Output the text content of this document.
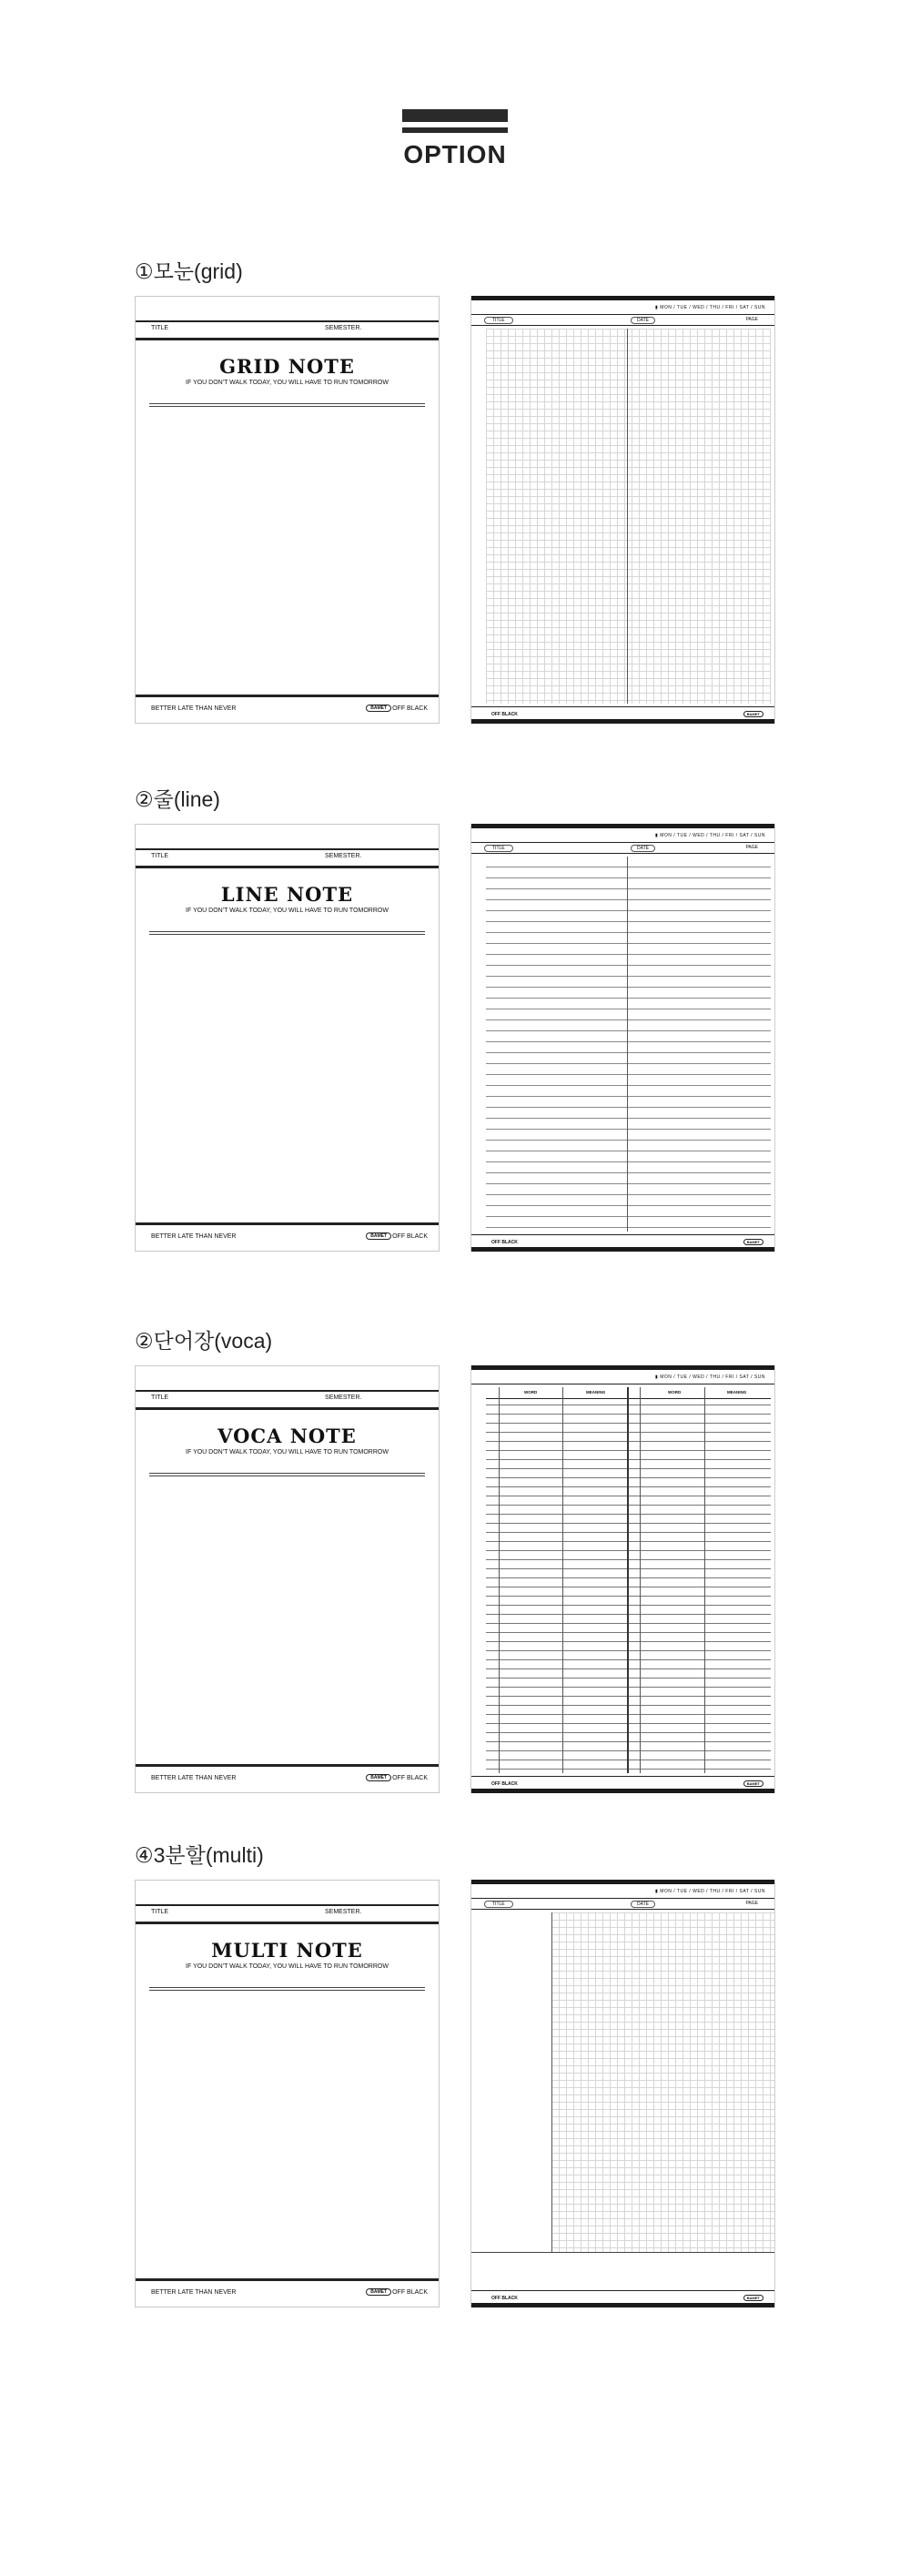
OPTION
①모눈(grid)
TITLE	SEMESTER.
GRID NOTE
IF YOU DON'T WALK TODAY, YOU WILL HAVE TO RUN TOMORROW
BETTER LATE THAN NEVER	BAMET OFF BLACK
▮ MON / TUE / WED / THU / FRI / SAT / SUN
TITLE	DATE	PAGE
OFF BLACK	BAMET
②줄(line)
TITLE	SEMESTER.
LINE NOTE
IF YOU DON'T WALK TODAY, YOU WILL HAVE TO RUN TOMORROW
BETTER LATE THAN NEVER	BAMET OFF BLACK
▮ MON / TUE / WED / THU / FRI / SAT / SUN
TITLE	DATE	PAGE
OFF BLACK	BAMET
②단어장(voca)
TITLE	SEMESTER.
VOCA NOTE
IF YOU DON'T WALK TODAY, YOU WILL HAVE TO RUN TOMORROW
BETTER LATE THAN NEVER	BAMET OFF BLACK
▮ MON / TUE / WED / THU / FRI / SAT / SUN
WORD	MEANING	WORD	MEANING
OFF BLACK	BAMET
④3분할(multi)
TITLE	SEMESTER.
MULTI NOTE
IF YOU DON'T WALK TODAY, YOU WILL HAVE TO RUN TOMORROW
BETTER LATE THAN NEVER	BAMET OFF BLACK
▮ MON / TUE / WED / THU / FRI / SAT / SUN
TITLE	DATE	PAGE
OFF BLACK	BAMET
